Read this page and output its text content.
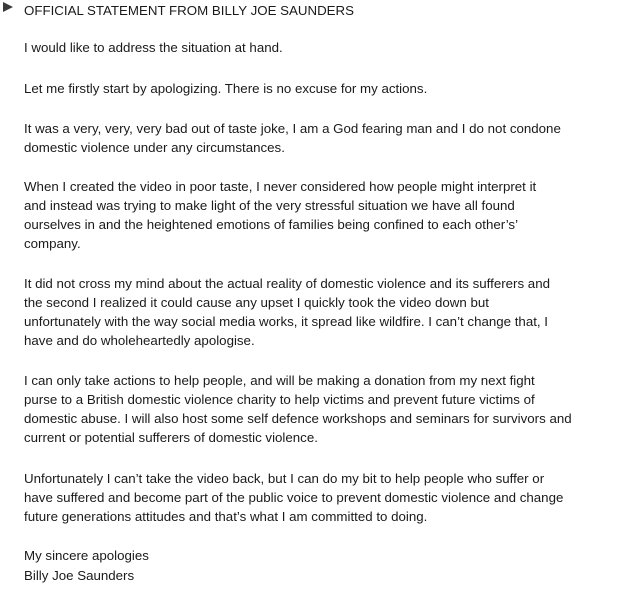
OFFICIAL STATEMENT FROM BILLY JOE SAUNDERS

I would like to address the situation at hand.

Let me firstly start by apologizing. There is no excuse for my actions.

It was a very, very, very bad out of taste joke, I am a God fearing man and I do not condone
domestic violence under any circumstances.

When I created the video in poor taste, I never considered how people might interpret it
and instead was trying to make light of the very stressful situation we have all found
ourselves in and the heightened emotions of families being confined to each other’s’
company.

It did not cross my mind about the actual reality of domestic violence and its sufferers and
the second I realized it could cause any upset I quickly took the video down but
unfortunately with the way social media works, it spread like wildfire. I can’t change that, I
have and do wholeheartedly apologise.

I can only take actions to help people, and will be making a donation from my next fight
purse to a British domestic violence charity to help victims and prevent future victims of
domestic abuse. I will also host some self defence workshops and seminars for survivors and
current or potential sufferers of domestic violence.

Unfortunately I can’t take the video back, but I can do my bit to help people who suffer or
have suffered and become part of the public voice to prevent domestic violence and change
future generations attitudes and that’s what I am committed to doing.

My sincere apologies

Billy Joe Saunders
